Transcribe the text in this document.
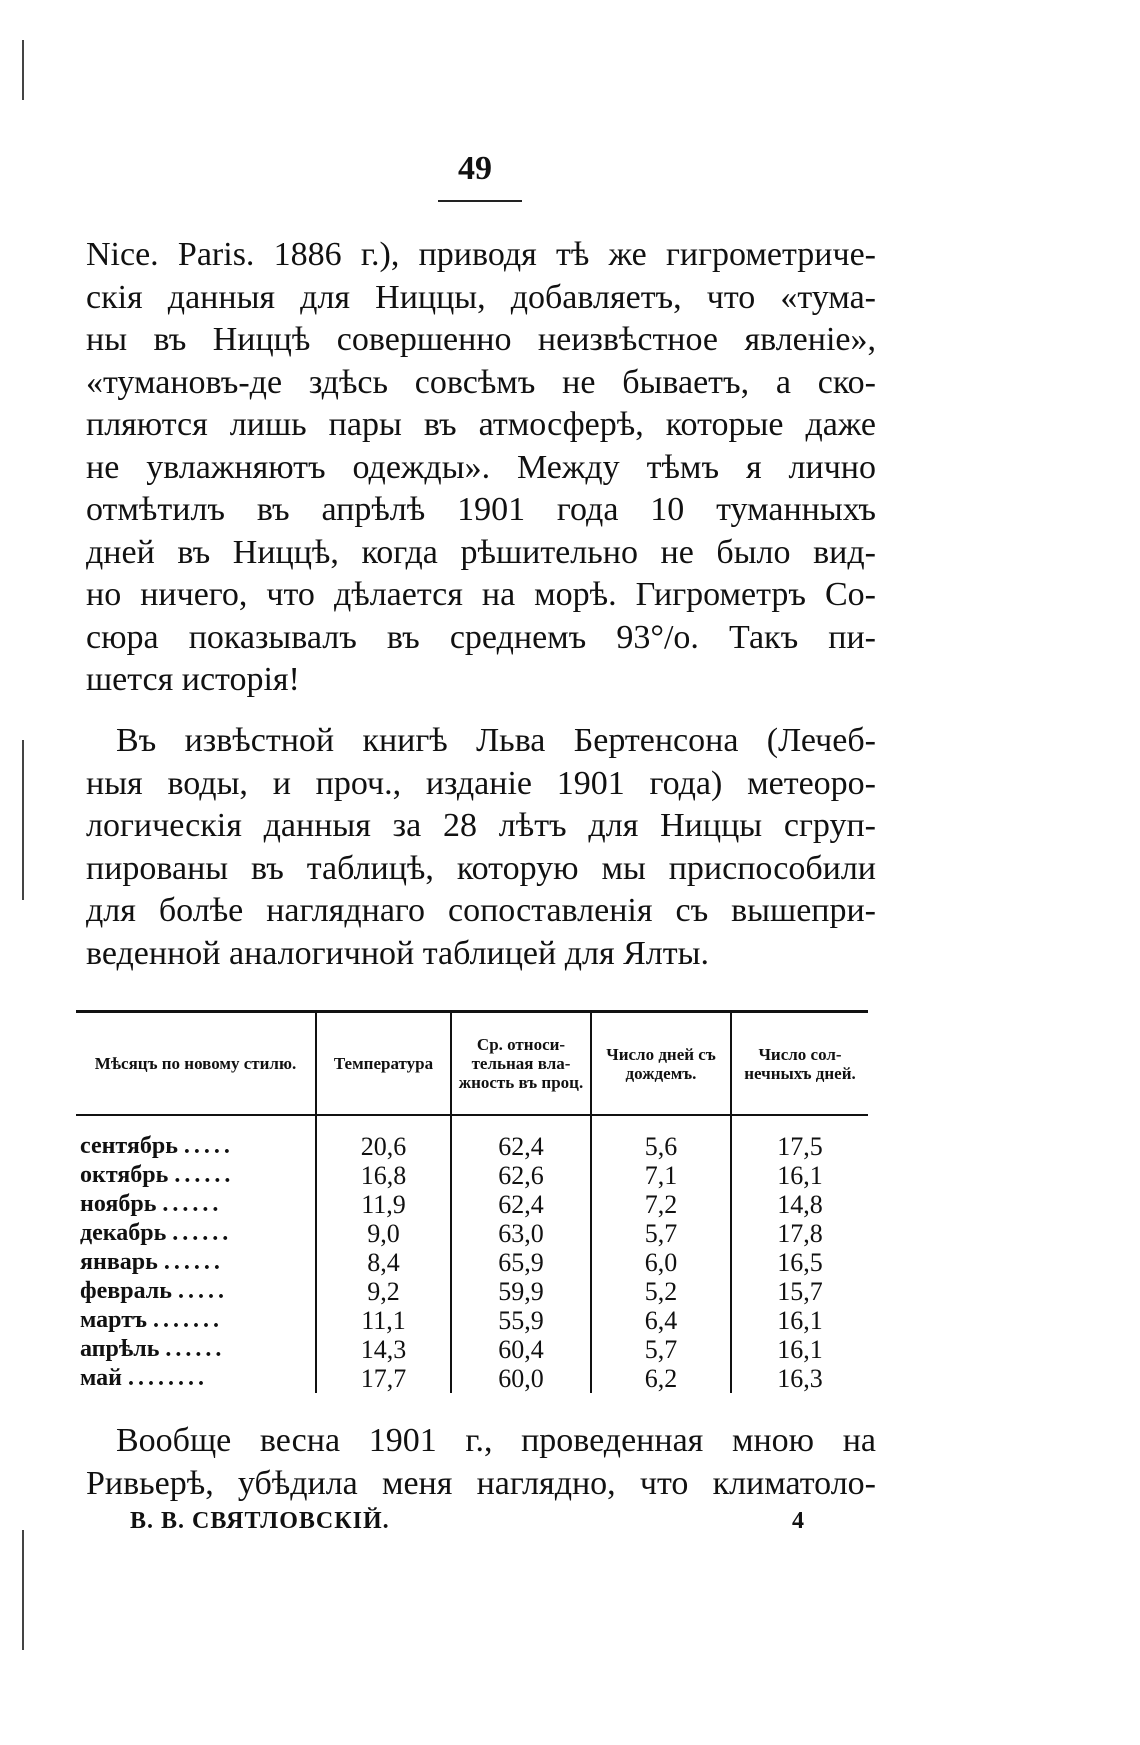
49
Nice. Paris. 1886 г.), приводя тѣ же гигрометриче-
скія данныя для Ниццы, добавляетъ, что «тума-
ны въ Ниццѣ совершенно неизвѣстное явленіе»,
«тумановъ-де здѣсь совсѣмъ не бываетъ, а ско-
пляются лишь пары въ атмосферѣ, которые даже
не увлажняютъ одежды». Между тѣмъ я лично
отмѣтилъ въ апрѣлѣ 1901 года 10 туманныхъ
дней въ Ниццѣ, когда рѣшительно не было вид-
но ничего, что дѣлается на морѣ. Гигрометръ Со-
сюра показывалъ въ среднемъ 93°/o. Такъ пи-
шется исторія!
Въ извѣстной книгѣ Льва Бертенсона (Лечеб-
ныя воды, и проч., изданіе 1901 года) метеоро-
логическія данныя за 28 лѣтъ для Ниццы сгруп-
пированы въ таблицѣ, которую мы приспособили
для болѣе нагляднаго сопоставленія съ вышепри-
веденной аналогичной таблицей для Ялты.
Мѣсяцъ по новому стилю.	Температура	Ср. относи-тельная вла-жность въ проц.	Число дней съ дождемъ.	Число сол-нечныхъ дней.
сентябрь .....	20,6	62,4	5,6	17,5
октябрь ......	16,8	62,6	7,1	16,1
ноябрь ......	11,9	62,4	7,2	14,8
декабрь ......	9,0	63,0	5,7	17,8
январь ......	8,4	65,9	6,0	16,5
февраль .....	9,2	59,9	5,2	15,7
мартъ .......	11,1	55,9	6,4	16,1
апрѣль ......	14,3	60,4	5,7	16,1
май ........	17,7	60,0	6,2	16,3
Вообще весна 1901 г., проведенная мною на
Ривьерѣ, убѣдила меня наглядно, что климатоло-
В. В. СВЯТЛОВСКІЙ.	4
